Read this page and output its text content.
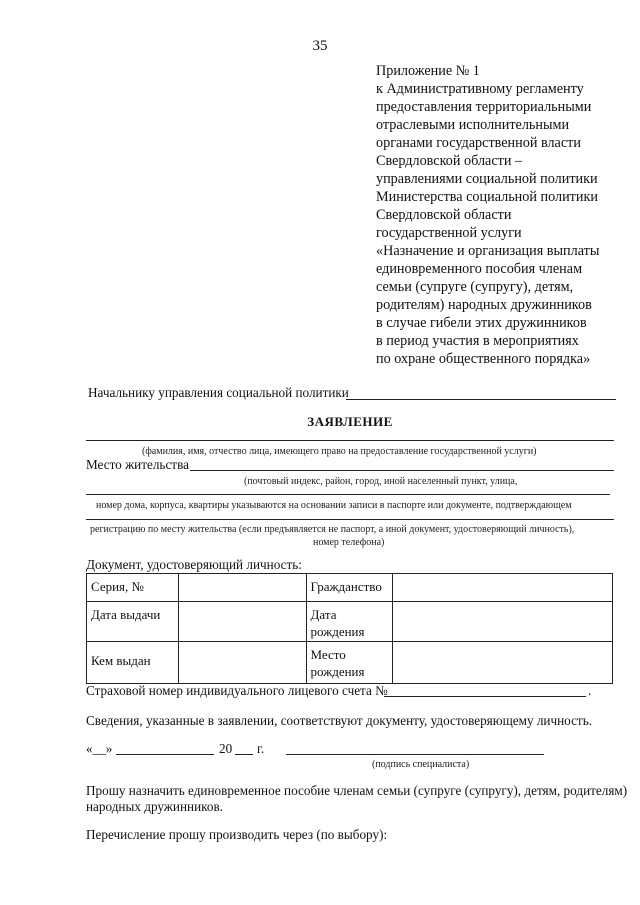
35
Приложение № 1
к Административному регламенту
предоставления территориальными
отраслевыми исполнительными
органами государственной власти
Свердловской области –
управлениями социальной политики
Министерства социальной политики
Свердловской области
государственной услуги
«Назначение и организация выплаты
единовременного пособия членам
семьи (супруге (супругу), детям,
родителям) народных дружинников
в случае гибели этих дружинников
в период участия в мероприятиях
по охране общественного порядка»
Начальнику управления социальной политики
ЗАЯВЛЕНИЕ
(фамилия, имя, отчество лица, имеющего право на предоставление государственной услуги)
Место жительства
(почтовый индекс, район, город, иной населенный пункт, улица,
номер дома, корпуса, квартиры указываются на основании записи в паспорте или документе, подтверждающем
регистрацию по месту жительства (если предъявляется не паспорт, а иной документ, удостоверяющий личность),
номер телефона)
Документ, удостоверяющий личность:
Серия, №		Гражданство	
Дата выдачи		Дата
рождения	

Кем выдан		Место
рождения	

Страховой номер индивидуального лицевого счета №	.
Сведения, указанные в заявлении, соответствуют документу, удостоверяющему личность.
«__»	20 г.
(подпись специалиста)
Прошу назначить единовременное пособие членам семьи (супруге (супругу), детям, родителям)
народных дружинников.
Перечисление прошу производить через (по выбору):
